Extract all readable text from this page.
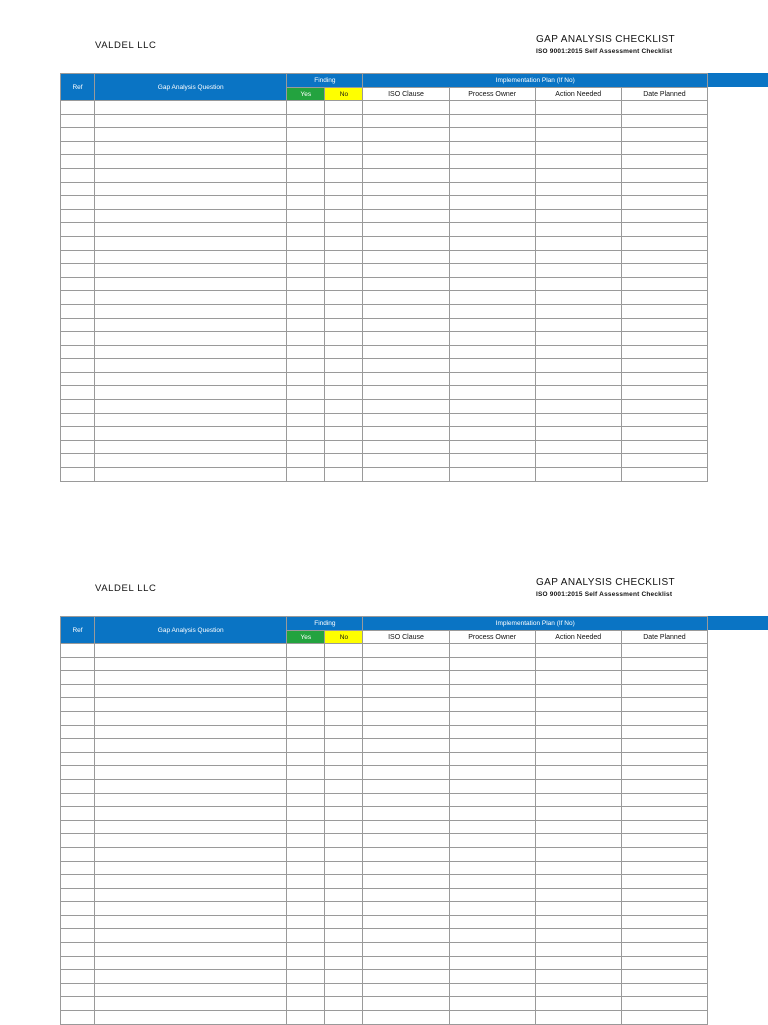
VALDEL LLC
GAP ANALYSIS CHECKLIST
ISO 9001:2015 Self Assessment Checklist
Ref	Gap Analysis Question	Finding		Implementation Plan (If No)			
		Yes	No	ISO Clause	Process Owner	Action Needed	Date Planned

VALDEL LLC
GAP ANALYSIS CHECKLIST
ISO 9001:2015 Self Assessment Checklist
Ref	Gap Analysis Question	Finding		Implementation Plan (If No)			
		Yes	No	ISO Clause	Process Owner	Action Needed	Date Planned
